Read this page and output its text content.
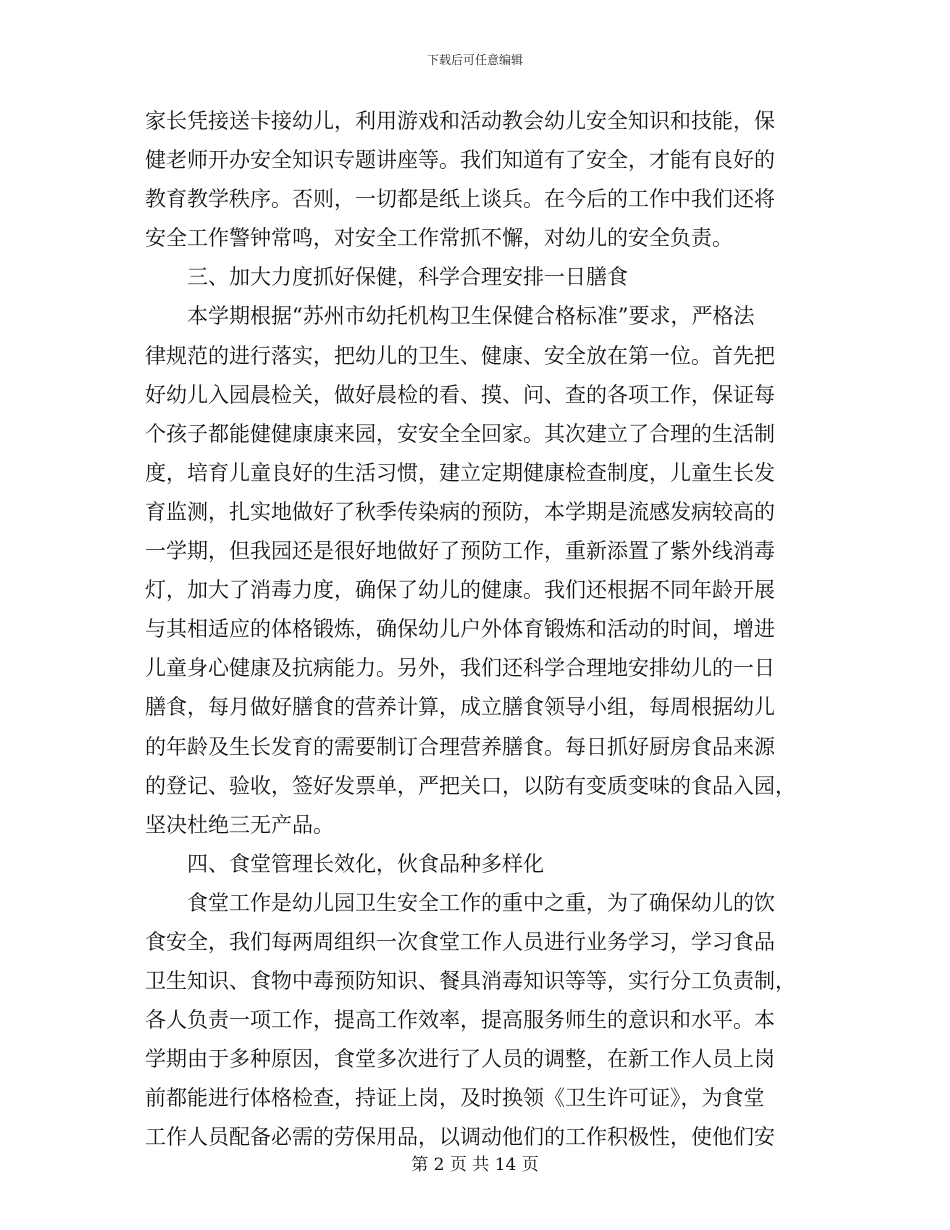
下载后可任意编辑
家长凭接送卡接幼儿，利用游戏和活动教会幼儿安全知识和技能，保
健老师开办安全知识专题讲座等。我们知道有了安全，才能有良好的
教育教学秩序。否则，一切都是纸上谈兵。在今后的工作中我们还将
安全工作警钟常鸣，对安全工作常抓不懈，对幼儿的安全负责。
三、加大力度抓好保健，科学合理安排一日膳食
本学期根据“苏州市幼托机构卫生保健合格标准”要求，严格法
律规范的进行落实，把幼儿的卫生、健康、安全放在第一位。首先把
好幼儿入园晨检关，做好晨检的看、摸、问、查的各项工作，保证每
个孩子都能健健康康来园，安安全全回家。其次建立了合理的生活制
度，培育儿童良好的生活习惯，建立定期健康检查制度，儿童生长发
育监测，扎实地做好了秋季传染病的预防，本学期是流感发病较高的
一学期，但我园还是很好地做好了预防工作，重新添置了紫外线消毒
灯，加大了消毒力度，确保了幼儿的健康。我们还根据不同年龄开展
与其相适应的体格锻炼，确保幼儿户外体育锻炼和活动的时间，增进
儿童身心健康及抗病能力。另外，我们还科学合理地安排幼儿的一日
膳食，每月做好膳食的营养计算，成立膳食领导小组，每周根据幼儿
的年龄及生长发育的需要制订合理营养膳食。每日抓好厨房食品来源
的登记、验收，签好发票单，严把关口，以防有变质变味的食品入园，
坚决杜绝三无产品。
四、食堂管理长效化，伙食品种多样化
食堂工作是幼儿园卫生安全工作的重中之重，为了确保幼儿的饮
食安全，我们每两周组织一次食堂工作人员进行业务学习，学习食品
卫生知识、食物中毒预防知识、餐具消毒知识等等，实行分工负责制，
各人负责一项工作，提高工作效率，提高服务师生的意识和水平。本
学期由于多种原因，食堂多次进行了人员的调整，在新工作人员上岗
前都能进行体格检查，持证上岗，及时换领《卫生许可证》，为食堂
工作人员配备必需的劳保用品，以调动他们的工作积极性，使他们安
第 2 页 共 14 页
